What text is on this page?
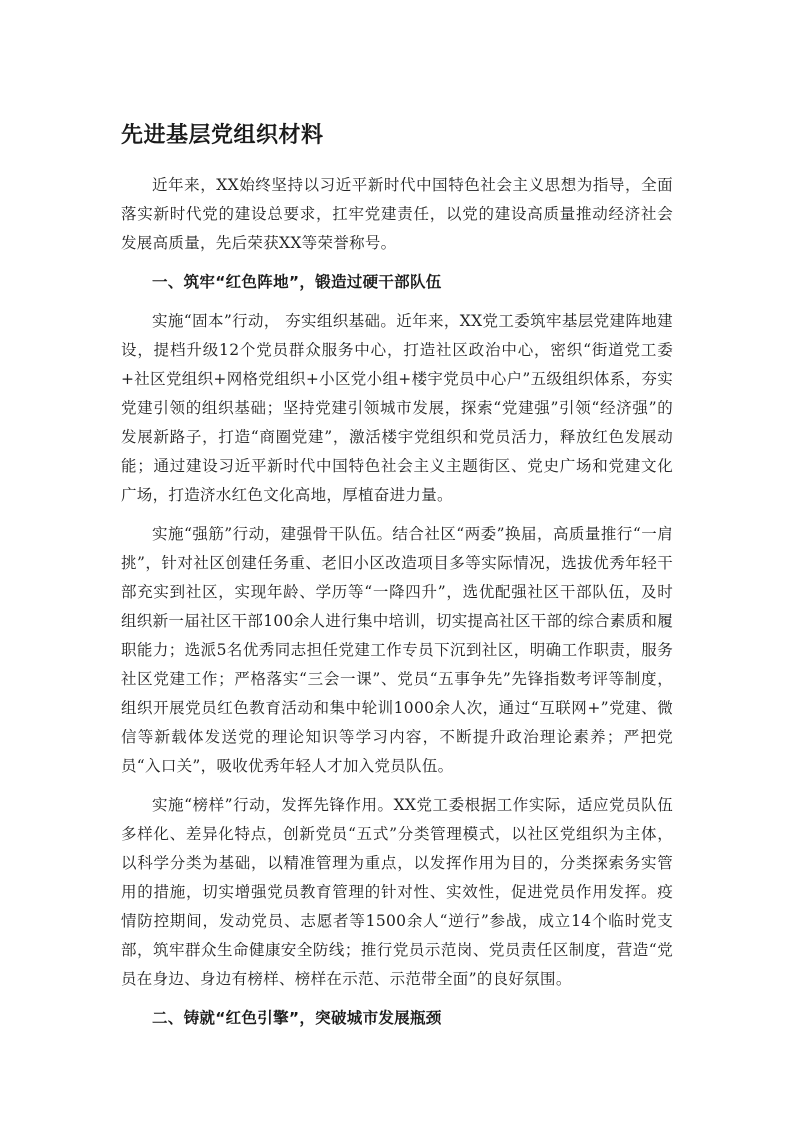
先进基层党组织材料

近年来，XX始终坚持以习近平新时代中国特色社会主义思想为指导，全面落实新时代党的建设总要求，扛牢党建责任，以党的建设高质量推动经济社会发展高质量，先后荣获XX等荣誉称号。

一、筑牢“红色阵地”，锻造过硬干部队伍

实施“固本”行动， 夯实组织基础。近年来，XX党工委筑牢基层党建阵地建设，提档升级12个党员群众服务中心，打造社区政治中心，密织“街道党工委+社区党组织+网格党组织+小区党小组+楼宇党员中心户”五级组织体系，夯实党建引领的组织基础；坚持党建引领城市发展，探索“党建强”引领“经济强”的发展新路子，打造“商圈党建”，激活楼宇党组织和党员活力，释放红色发展动能；通过建设习近平新时代中国特色社会主义主题街区、党史广场和党建文化广场，打造济水红色文化高地，厚植奋进力量。

实施“强筋”行动，建强骨干队伍。结合社区“两委”换届，高质量推行“一肩挑”，针对社区创建任务重、老旧小区改造项目多等实际情况，选拔优秀年轻干部充实到社区，实现年龄、学历等“一降四升”，选优配强社区干部队伍，及时组织新一届社区干部100余人进行集中培训，切实提高社区干部的综合素质和履职能力；选派5名优秀同志担任党建工作专员下沉到社区，明确工作职责，服务社区党建工作；严格落实“三会一课”、党员“五事争先”先锋指数考评等制度，组织开展党员红色教育活动和集中轮训1000余人次，通过“互联网+”党建、微信等新载体发送党的理论知识等学习内容，不断提升政治理论素养；严把党员“入口关”，吸收优秀年轻人才加入党员队伍。

实施“榜样”行动，发挥先锋作用。XX党工委根据工作实际，适应党员队伍多样化、差异化特点，创新党员“五式”分类管理模式，以社区党组织为主体，以科学分类为基础，以精准管理为重点，以发挥作用为目的，分类探索务实管用的措施，切实增强党员教育管理的针对性、实效性，促进党员作用发挥。疫情防控期间，发动党员、志愿者等1500余人“逆行”参战，成立14个临时党支部，筑牢群众生命健康安全防线；推行党员示范岗、党员责任区制度，营造“党员在身边、身边有榜样、榜样在示范、示范带全面”的良好氛围。

二、铸就“红色引擎”，突破城市发展瓶颈
